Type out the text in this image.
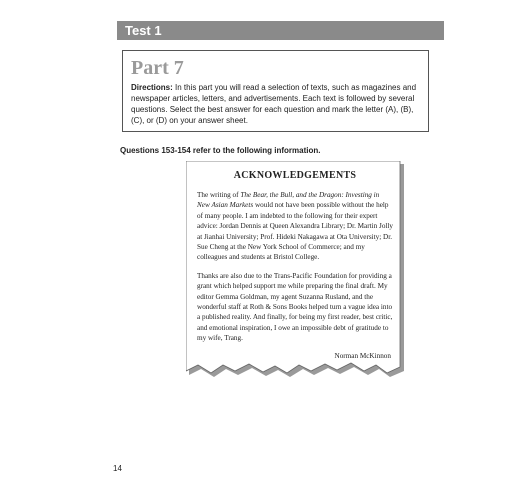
Test 1
Part 7
Directions: In this part you will read a selection of texts, such as magazines and newspaper articles, letters, and advertisements. Each text is followed by several questions. Select the best answer for each question and mark the letter (A), (B), (C), or (D) on your answer sheet.
Questions 153-154 refer to the following information.
ACKNOWLEDGEMENTS

The writing of The Bear, the Bull, and the Dragon: Investing in New Asian Markets would not have been possible without the help of many people. I am indebted to the following for their expert advice: Jordan Dennis at Queen Alexandra Library; Dr. Martin Jolly at Jianhai University; Prof. Hideki Nakagawa at Ota University; Dr. Sue Cheng at the New York School of Commerce; and my colleagues and students at Bristol College.

Thanks are also due to the Trans-Pacific Foundation for providing a grant which helped support me while preparing the final draft. My editor Gemma Goldman, my agent Suzanna Rusland, and the wonderful staff at Roth & Sons Books helped turn a vague idea into a published reality. And finally, for being my first reader, best critic, and emotional inspiration, I owe an impossible debt of gratitude to my wife, Trang.

Norman McKinnon
14
